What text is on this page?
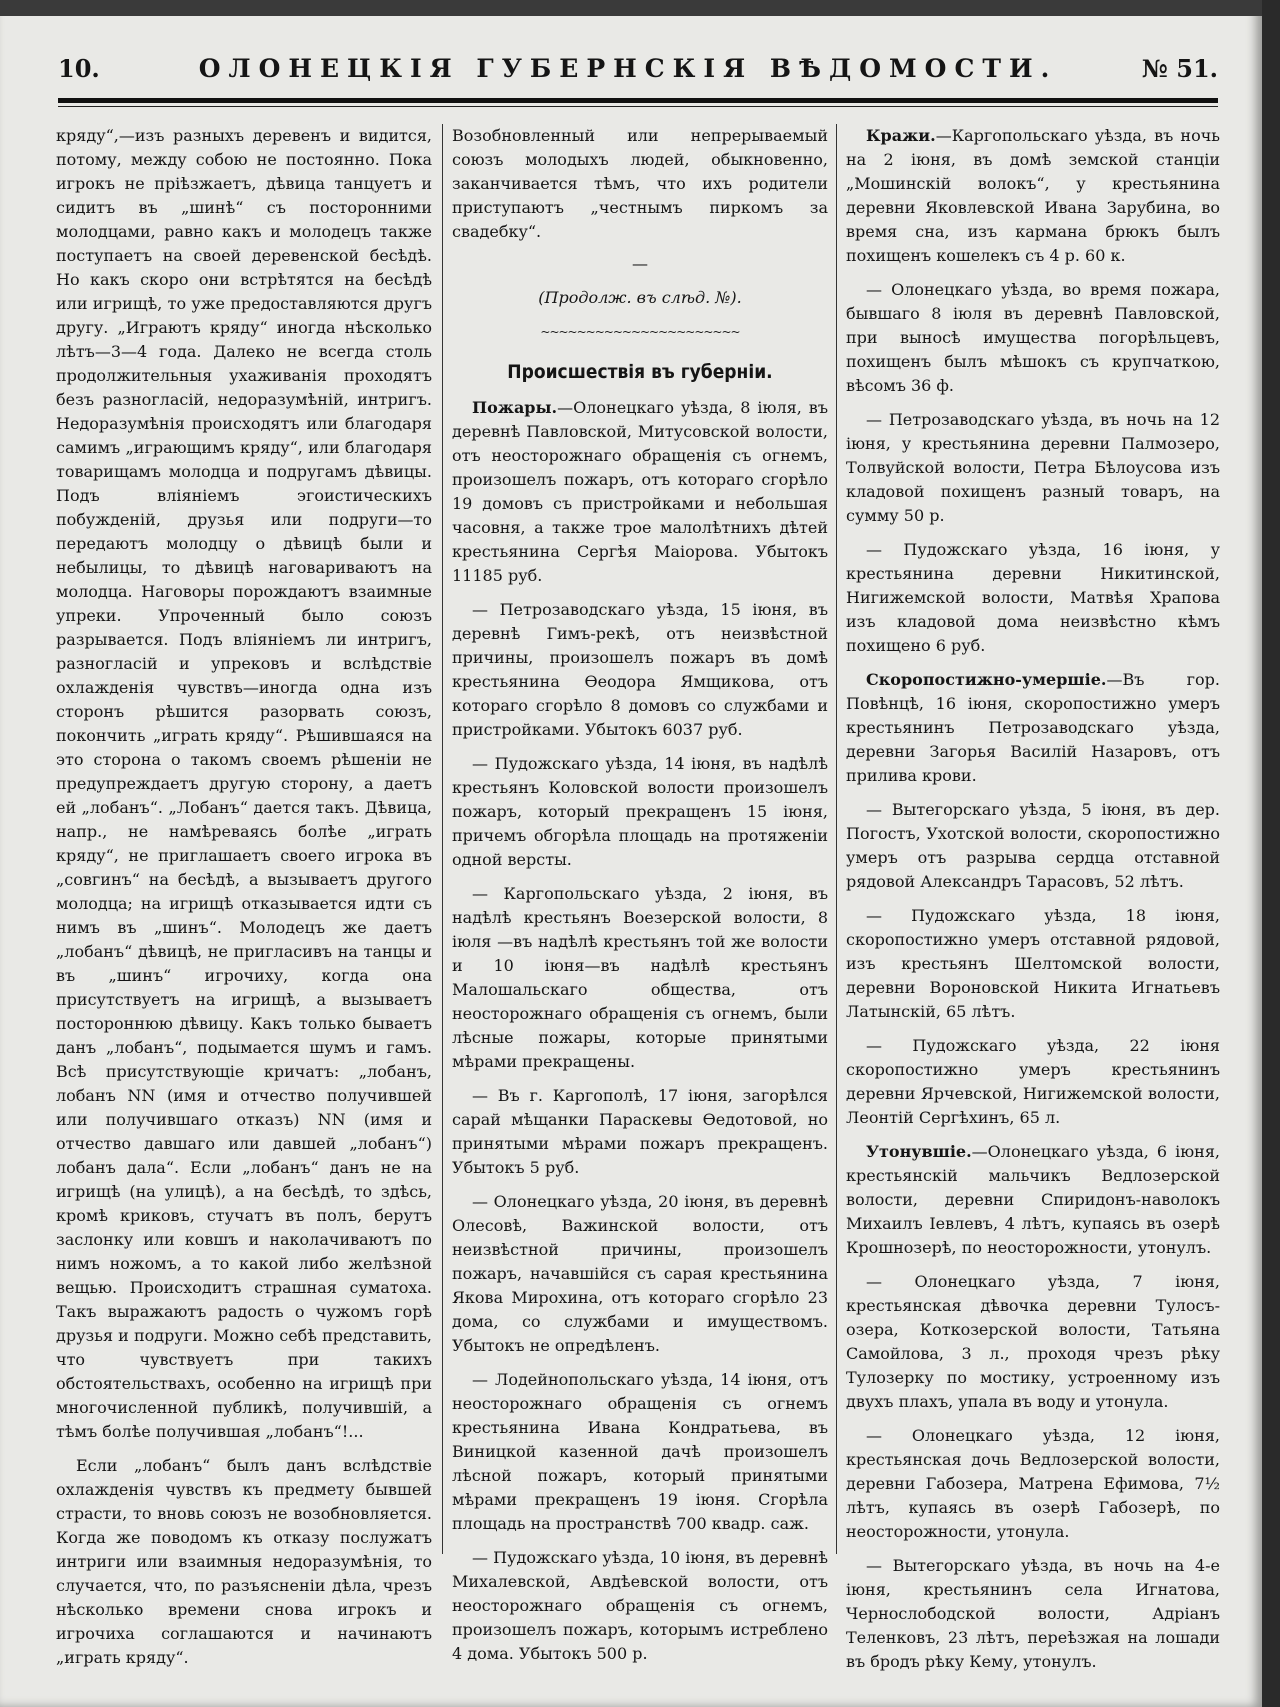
10.	ОЛОНЕЦКІЯ ГУБЕРНСКІЯ ВѢДОМОСТИ.	№ 51.

кряду“,—изъ разныхъ деревенъ и видится, потому, между собою не постоянно. Пока игрокъ не пріѣзжаетъ, дѣвица танцуетъ и сидитъ въ „шинѣ“ съ посторонними молодцами, равно какъ и молодецъ также поступаетъ на своей деревенской бесѣдѣ. Но какъ скоро они встрѣтятся на бесѣдѣ или игрищѣ, то уже предоставляются другъ другу. „Играютъ кряду“ иногда нѣсколько лѣтъ—3—4 года. Далеко не всегда столь продолжительныя ухаживанія проходятъ безъ разногласій, недоразумѣній, интригъ. Недоразумѣнія происходятъ или благодаря самимъ „играющимъ кряду“, или благодаря товарищамъ молодца и подругамъ дѣвицы. Подъ вліяніемъ эгоистическихъ побужденій, друзья или подруги—то передаютъ молодцу о дѣвицѣ были и небылицы, то дѣвицѣ наговариваютъ на молодца. Наговоры порождаютъ взаимные упреки. Упроченный было союзъ разрывается. Подъ вліяніемъ ли интригъ, разногласій и упрековъ и вслѣдствіе охлажденія чувствъ—иногда одна изъ сторонъ рѣшится разорвать союзъ, покончить „играть кряду“. Рѣшившаяся на это сторона о такомъ своемъ рѣшеніи не предупреждаетъ другую сторону, а даетъ ей „лобанъ“. „Лобанъ“ дается такъ. Дѣвица, напр., не намѣреваясь болѣе „играть кряду“, не приглашаетъ своего игрока въ „совгинъ“ на бесѣдѣ, а вызываетъ другого молодца; на игрищѣ отказывается идти съ нимъ въ „шинъ“. Молодецъ же даетъ „лобанъ“ дѣвицѣ, не пригласивъ на танцы и въ „шинъ“ игрочиху, когда она присутствуетъ на игрищѣ, а вызываетъ постороннюю дѣвицу. Какъ только бываетъ данъ „лобанъ“, подымается шумъ и гамъ. Всѣ присутствующіе кричатъ: „лобанъ, лобанъ NN (имя и отчество получившей или получившаго отказъ) NN (имя и отчество давшаго или давшей „лобанъ“) лобанъ дала“. Если „лобанъ“ данъ не на игрищѣ (на улицѣ), а на бесѣдѣ, то здѣсь, кромѣ криковъ, стучатъ въ полъ, берутъ заслонку или ковшъ и наколачиваютъ по нимъ ножомъ, а то какой либо желѣзной вещью. Происходитъ страшная суматоха. Такъ выражаютъ радость о чужомъ горѣ друзья и подруги. Можно себѣ представить, что чувствуетъ при такихъ обстоятельствахъ, особенно на игрищѣ при многочисленной публикѣ, получившій, а тѣмъ болѣе получившая „лобанъ“!...

Если „лобанъ“ былъ данъ вслѣдствіе охлажденія чувствъ къ предмету бывшей страсти, то вновь союзъ не возобновляется. Когда же поводомъ къ отказу послужатъ интриги или взаимныя недоразумѣнія, то случается, что, по разъясненіи дѣла, чрезъ нѣсколько времени снова игрокъ и игрочиха соглашаются и начинаютъ „играть кряду“.

Возобновленный или непрерываемый союзъ молодыхъ людей, обыкновенно, заканчивается тѣмъ, что ихъ родители приступаютъ „честнымъ пиркомъ за свадебку“.

—

(Продолж. въ слѣд. №).

~~~~~~~~~~~~~~~~~~~~~~

Происшествія въ губерніи.

Пожары.—Олонецкаго уѣзда, 8 іюля, въ деревнѣ Павловской, Митусовской волости, отъ неосторожнаго обращенія съ огнемъ, произошелъ пожаръ, отъ котораго сгорѣло 19 домовъ съ пристройками и небольшая часовня, а также трое малолѣтнихъ дѣтей крестьянина Сергѣя Маіорова. Убытокъ 11185 руб.

— Петрозаводскаго уѣзда, 15 іюня, въ деревнѣ Гимъ-рекѣ, отъ неизвѣстной причины, произошелъ пожаръ въ домѣ крестьянина Ѳеодора Ямщикова, отъ котораго сгорѣло 8 домовъ со службами и пристройками. Убытокъ 6037 руб.

— Пудожскаго уѣзда, 14 іюня, въ надѣлѣ крестьянъ Коловской волости произошелъ пожаръ, который прекращенъ 15 іюня, причемъ обгорѣла площадь на протяженіи одной версты.

— Каргопольскаго уѣзда, 2 іюня, въ надѣлѣ крестьянъ Воезерской волости, 8 іюля —въ надѣлѣ крестьянъ той же волости и 10 іюня—въ надѣлѣ крестьянъ Малошальскаго общества, отъ неосторожнаго обращенія съ огнемъ, были лѣсные пожары, которые принятыми мѣрами прекращены.

— Въ г. Каргополѣ, 17 іюня, загорѣлся сарай мѣщанки Параскевы Ѳедотовой, но принятыми мѣрами пожаръ прекращенъ. Убытокъ 5 руб.

— Олонецкаго уѣзда, 20 іюня, въ деревнѣ Олесовѣ, Важинской волости, отъ неизвѣстной причины, произошелъ пожаръ, начавшійся съ сарая крестьянина Якова Мирохина, отъ котораго сгорѣло 23 дома, со службами и имуществомъ. Убытокъ не опредѣленъ.

— Лодейнопольскаго уѣзда, 14 іюня, отъ неосторожнаго обращенія съ огнемъ крестьянина Ивана Кондратьева, въ Виницкой казенной дачѣ произошелъ лѣсной пожаръ, который принятыми мѣрами прекращенъ 19 іюня. Сгорѣла площадь на пространствѣ 700 квадр. саж.

— Пудожскаго уѣзда, 10 іюня, въ деревнѣ Михалевской, Авдѣевской волости, отъ неосторожнаго обращенія съ огнемъ, произошелъ пожаръ, которымъ истреблено 4 дома. Убытокъ 500 р.

Кражи.—Каргопольскаго уѣзда, въ ночь на 2 іюня, въ домѣ земской станціи „Мошинскій волокъ“, у крестьянина деревни Яковлевской Ивана Зарубина, во время сна, изъ кармана брюкъ былъ похищенъ кошелекъ съ 4 р. 60 к.

— Олонецкаго уѣзда, во время пожара, бывшаго 8 іюля въ деревнѣ Павловской, при выносѣ имущества погорѣльцевъ, похищенъ былъ мѣшокъ съ крупчаткою, вѣсомъ 36 ф.

— Петрозаводскаго уѣзда, въ ночь на 12 іюня, у крестьянина деревни Палмозеро, Толвуйской волости, Петра Бѣлоусова изъ кладовой похищенъ разный товаръ, на сумму 50 р.

— Пудожскаго уѣзда, 16 іюня, у крестьянина деревни Никитинской, Нигижемской волости, Матвѣя Храпова изъ кладовой дома неизвѣстно кѣмъ похищено 6 руб.

Скоропостижно-умершіе.—Въ гор. Повѣнцѣ, 16 іюня, скоропостижно умеръ крестьянинъ Петрозаводскаго уѣзда, деревни Загорья Василій Назаровъ, отъ прилива крови.

— Вытегорскаго уѣзда, 5 іюня, въ дер. Погостъ, Ухотской волости, скоропостижно умеръ отъ разрыва сердца отставной рядовой Александръ Тарасовъ, 52 лѣтъ.

— Пудожскаго уѣзда, 18 іюня, скоропостижно умеръ отставной рядовой, изъ крестьянъ Шелтомской волости, деревни Вороновской Никита Игнатьевъ Латынскій, 65 лѣтъ.

— Пудожскаго уѣзда, 22 іюня скоропостижно умеръ крестьянинъ деревни Ярчевской, Нигижемской волости, Леонтій Сергѣхинъ, 65 л.

Утонувшіе.—Олонецкаго уѣзда, 6 іюня, крестьянскій мальчикъ Ведлозерской волости, деревни Спиридонъ-наволокъ Михаилъ Іевлевъ, 4 лѣтъ, купаясь въ озерѣ Крошнозерѣ, по неосторожности, утонулъ.

— Олонецкаго уѣзда, 7 іюня, крестьянская дѣвочка деревни Тулосъ-озера, Коткозерской волости, Татьяна Самойлова, 3 л., проходя чрезъ рѣку Тулозерку по мостику, устроенному изъ двухъ плахъ, упала въ воду и утонула.

— Олонецкаго уѣзда, 12 іюня, крестьянская дочь Ведлозерской волости, деревни Габозера, Матрена Ефимова, 7½ лѣтъ, купаясь въ озерѣ Габозерѣ, по неосторожности, утонула.

— Вытегорскаго уѣзда, въ ночь на 4-е іюня, крестьянинъ села Игнатова, Чернослободской волости, Адріанъ Теленковъ, 23 лѣтъ, переѣзжая на лошади въ бродъ рѣку Кему, утонулъ.
